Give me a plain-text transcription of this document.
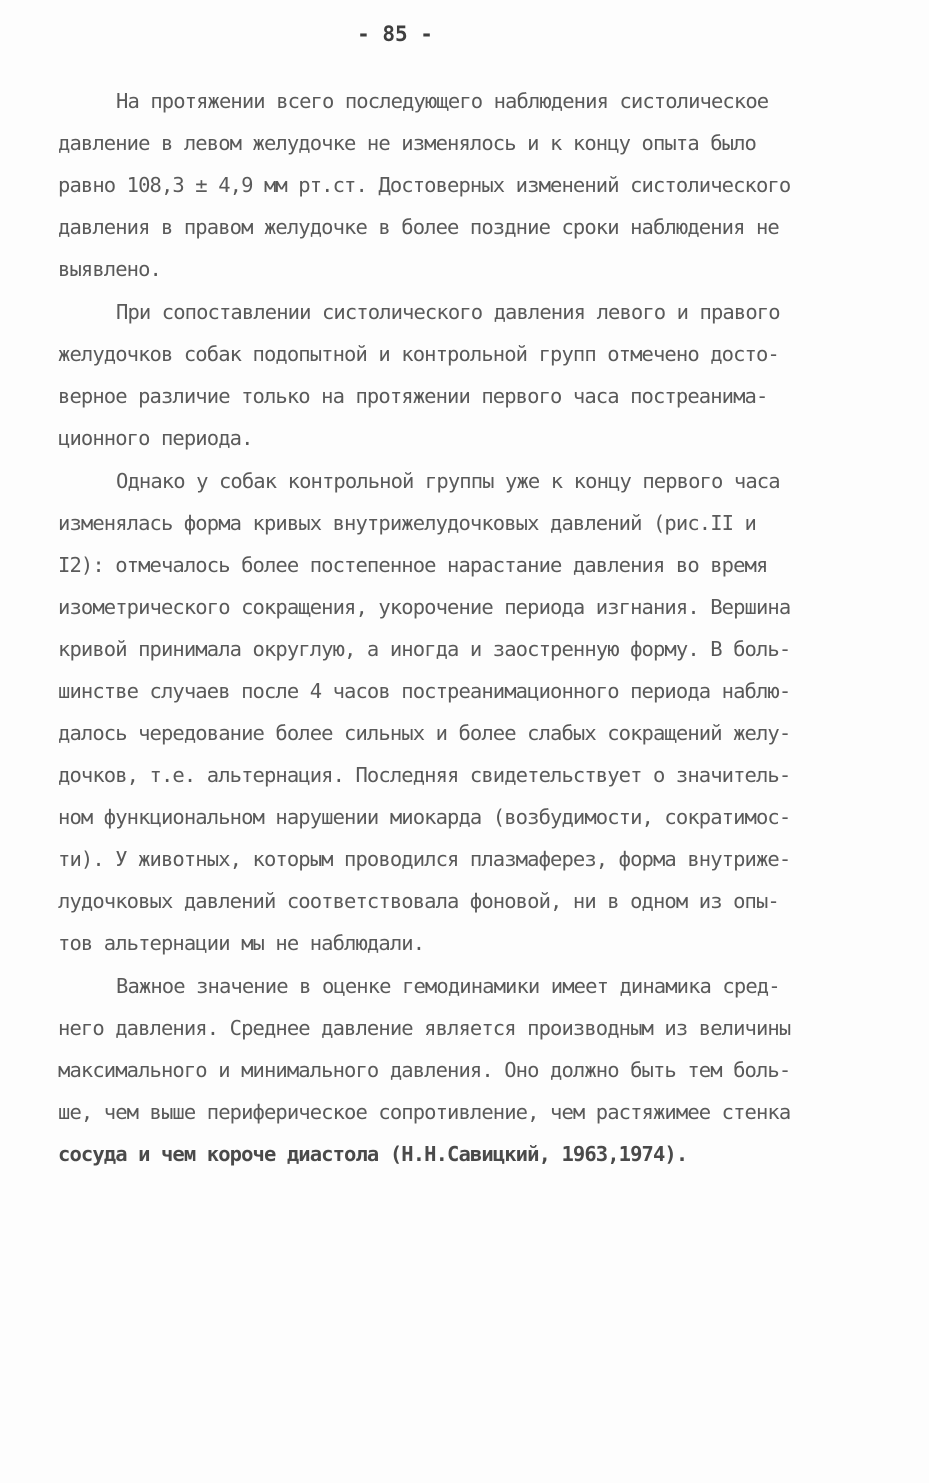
- 85 -
На протяжении всего последующего наблюдения систолическое
давление в левом желудочке не изменялось и к концу опыта было
равно 108,3 ± 4,9 мм рт.ст. Достоверных изменений систолического
давления в правом желудочке в более поздние сроки наблюдения не
выявлено.
При сопоставлении систолического давления левого и правого
желудочков собак подопытной и контрольной групп отмечено досто-
верное различие только на протяжении первого часа постреанима-
ционного периода.
Однако у собак контрольной группы уже к концу первого часа
изменялась форма кривых внутрижелудочковых давлений (рис.II и
I2): отмечалось более постепенное нарастание давления во время
изометрического сокращения, укорочение периода изгнания. Вершина
кривой принимала округлую, а иногда и заостренную форму. В боль-
шинстве случаев после 4 часов постреанимационного периода наблю-
далось чередование более сильных и более слабых сокращений желу-
дочков, т.е. альтернация. Последняя свидетельствует о значитель-
ном функциональном нарушении миокарда (возбудимости, сократимос-
ти). У животных, которым проводился плазмаферез, форма внутриже-
лудочковых давлений соответствовала фоновой, ни в одном из опы-
тов альтернации мы не наблюдали.
Важное значение в оценке гемодинамики имеет динамика сред-
него давления. Среднее давление является производным из величины
максимального и минимального давления. Оно должно быть тем боль-
ше, чем выше периферическое сопротивление, чем растяжимее стенка
сосуда и чем короче диастола (Н.Н.Савицкий, 1963,1974).
